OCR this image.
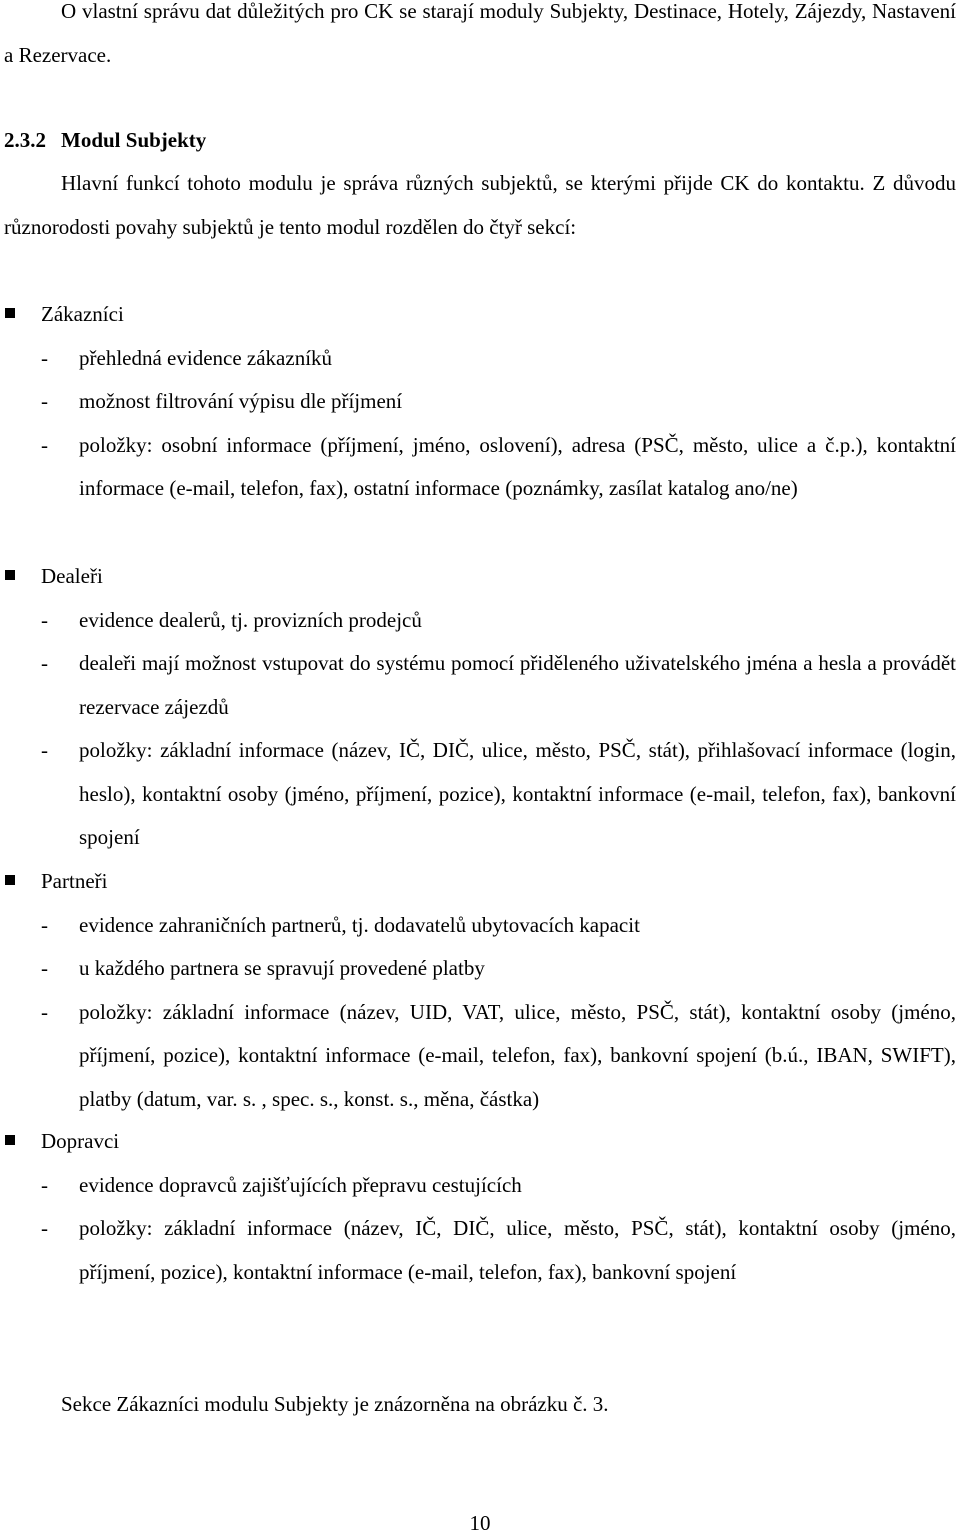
O vlastní správu dat důležitých pro CK se starají moduly Subjekty, Destinace, Hotely, Zájezdy, Nastavení a Rezervace.
2.3.2 Modul Subjekty
Hlavní funkcí tohoto modulu je správa různých subjektů, se kterými přijde CK do kontaktu. Z důvodu různorodosti povahy subjektů je tento modul rozdělen do čtyř sekcí:
Zákazníci
- přehledná evidence zákazníků
- možnost filtrování výpisu dle příjmení
- položky: osobní informace (příjmení, jméno, oslovení), adresa (PSČ, město, ulice a č.p.), kontaktní informace (e-mail, telefon, fax), ostatní informace (poznámky, zasílat katalog ano/ne)
Dealeři
- evidence dealerů, tj. provizních prodejců
- dealeři mají možnost vstupovat do systému pomocí přiděleného uživatelského jména a hesla a provádět rezervace zájezdů
- položky: základní informace (název, IČ, DIČ, ulice, město, PSČ, stát), přihlašovací informace (login, heslo), kontaktní osoby (jméno, příjmení, pozice), kontaktní informace (e-mail, telefon, fax), bankovní spojení
Partneři
- evidence zahraničních partnerů, tj. dodavatelů ubytovacích kapacit
- u každého partnera se spravují provedené platby
- položky: základní informace (název, UID, VAT, ulice, město, PSČ, stát), kontaktní osoby (jméno, příjmení, pozice), kontaktní informace (e-mail, telefon, fax), bankovní spojení (b.ú., IBAN, SWIFT), platby (datum, var. s. , spec. s., konst. s., měna, částka)
Dopravci
- evidence dopravců zajišťujících přepravu cestujících
- položky: základní informace (název, IČ, DIČ, ulice, město, PSČ, stát), kontaktní osoby (jméno, příjmení, pozice), kontaktní informace (e-mail, telefon, fax), bankovní spojení
Sekce Zákazníci modulu Subjekty je znázorněna na obrázku č. 3.
10
